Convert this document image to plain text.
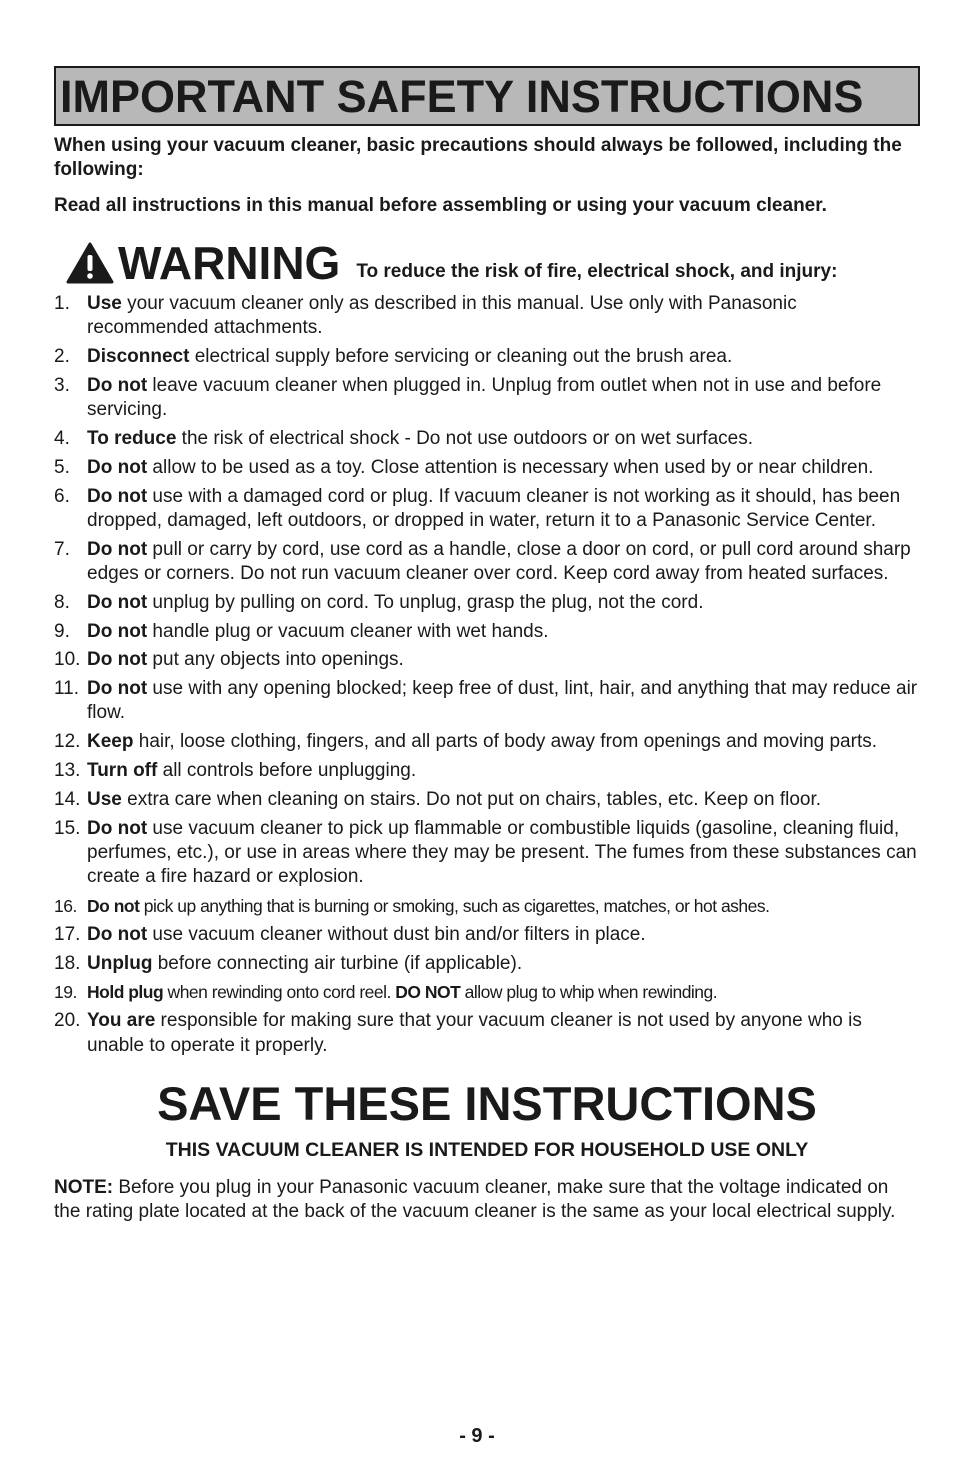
IMPORTANT SAFETY INSTRUCTIONS

When using your vacuum cleaner, basic precautions should always be followed, including the following:

Read all instructions in this manual before assembling or using your vacuum cleaner.

WARNING To reduce the risk of fire, electrical shock, and injury:
1. Use your vacuum cleaner only as described in this manual. Use only with Panasonic recommended attachments.
2. Disconnect electrical supply before servicing or cleaning out the brush area.
3. Do not leave vacuum cleaner when plugged in. Unplug from outlet when not in use and before servicing.
4. To reduce the risk of electrical shock - Do not use outdoors or on wet surfaces.
5. Do not allow to be used as a toy. Close attention is necessary when used by or near children.
6. Do not use with a damaged cord or plug. If vacuum cleaner is not working as it should, has been dropped, damaged, left outdoors, or dropped in water, return it to a Panasonic Service Center.
7. Do not pull or carry by cord, use cord as a handle, close a door on cord, or pull cord around sharp edges or corners. Do not run vacuum cleaner over cord. Keep cord away from heated surfaces.
8. Do not unplug by pulling on cord. To unplug, grasp the plug, not the cord.
9. Do not handle plug or vacuum cleaner with wet hands.
10. Do not put any objects into openings.
11. Do not use with any opening blocked; keep free of dust, lint, hair, and anything that may reduce air flow.
12. Keep hair, loose clothing, fingers, and all parts of body away from openings and moving parts.
13. Turn off all controls before unplugging.
14. Use extra care when cleaning on stairs. Do not put on chairs, tables, etc. Keep on floor.
15. Do not use vacuum cleaner to pick up flammable or combustible liquids (gasoline, cleaning fluid, perfumes, etc.), or use in areas where they may be present. The fumes from these substances can create a fire hazard or explosion.
16. Do not pick up anything that is burning or smoking, such as cigarettes, matches, or hot ashes.
17. Do not use vacuum cleaner without dust bin and/or filters in place.
18. Unplug before connecting air turbine (if applicable).
19. Hold plug when rewinding onto cord reel. DO NOT allow plug to whip when rewinding.
20. You are responsible for making sure that your vacuum cleaner is not used by anyone who is unable to operate it properly.
SAVE THESE INSTRUCTIONS
THIS VACUUM CLEANER IS INTENDED FOR HOUSEHOLD USE ONLY
NOTE: Before you plug in your Panasonic vacuum cleaner, make sure that the voltage indicated on the rating plate located at the back of the vacuum cleaner is the same as your local electrical supply.
- 9 -
